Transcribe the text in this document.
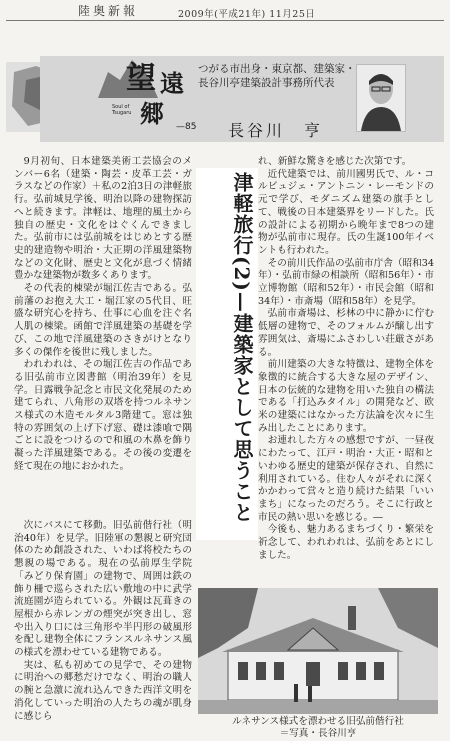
陸奥新報	2009年(平成21年) 11月25日
望 遠
郷
Soul of Tsugaru
—85
つがる市出身・東京都、建築家・長谷川亭建築設計事務所代表
長谷川　亨
津軽旅行(2)—建築家として思うこと

9月初旬、日本建築美術工芸協会のメンバー6名（建築・陶芸・皮革工芸・ガラスなどの作家）＋私の2泊3日の津軽旅行。弘前城見学後、明治以降の建物探訪へと続きます。津軽は、地理的風土から独自の歴史・文化をはぐくんできました。弘前市には弘前城をはじめとする歴史的建造物や明治・大正期の洋風建築物などの文化財、歴史と文化が息づく情緒豊かな建築物が数多くあります。

その代表的棟梁が堀江佐吉である。弘前藩のお抱え大工・堀江家の5代目、旺盛な研究心を持ち、仕事に心血を注ぐ名人肌の棟梁。函館で洋風建築の基礎を学び、この地で洋風建築のさきがけとなり多くの傑作を後世に残しました。

われわれは、その堀江佐吉の作品である旧弘前市立図書館（明治39年）を見学。日露戦争記念と市民文化発展のため建てられ、八角形の双塔を持つルネサンス様式の木造モルタル3階建て。窓は独特の雰囲気の上げ下げ窓、礎は漆喰で隅ごとに設をつけるので和風の木鼻を飾り凝った洋風建築である。その後の変遷を経て現在の地におかれた。

次にバスにて移動。旧弘前偕行社（明治40年）を見学。旧陸軍の懇親と研究団体のため創設された、いわば将校たちの懇親の場である。現在の弘前厚生学院「みどり保育園」の建物で、周囲は鉄の飾り柵で巡らされた広い敷地の中に武学流庭園が造られている。外観は瓦葺きの屋根から赤レンガの煙突が突き出し、窓や出入り口には三角形や半円形の破風形を配し建物全体にフランスルネサンス風の様式を漂わせている建物である。

実は、私も初めての見学で、その建物に明治への郷愁だけでなく、明治の職人の腕と急激に流れ込んできた西洋文明を消化していった明治の人たちの魂が肌身に感じら

れ、新鮮な驚きを感じた次第です。

近代建築では、前川國男氏で、ル・コルビュジェ・アントニン・レーモンドの元で学び、モダニズム建築の旗手として、戦後の日本建築界をリードした。氏の設計による初期から晩年まで8つの建物が弘前市に現存。氏の生誕100年イベントも行われた。

その前川氏作品の弘前市庁舎（昭和34年）・弘前市緑の相談所（昭和56年）・市立博物館（昭和52年）・市民会館（昭和34年）・市斎場（昭和58年）を見学。

弘前市斎場は、杉林の中に静かに佇む低層の建物で、そのフォルムが醸し出す雰囲気は、斎場にふさわしい荘厳さがある。

前川建築の大きな特徴は、建物全体を象徴的に統合する大きな屋のデザイン、日本の伝統的な建物を用いた独自の構法である「打込みタイル」の開発など、欧米の建築にはなかった方法論を次々に生み出したことにあります。

お連れした方々の感想ですが、一昼夜にわたって、江戸・明治・大正・昭和といわゆる歴史的建築が保存され、自然に利用されている。住む人々がそれに深くかかわって営々と造り続けた結果「いいまち」になったのだろう。そこに行政と市民の熱い思いを感じる。―

今後も、魅力あるまちづくり・繁栄を祈念して、われわれは、弘前をあとにしました。

ルネサンス様式を漂わせる旧弘前偕行社
＝写真・長谷川亨
